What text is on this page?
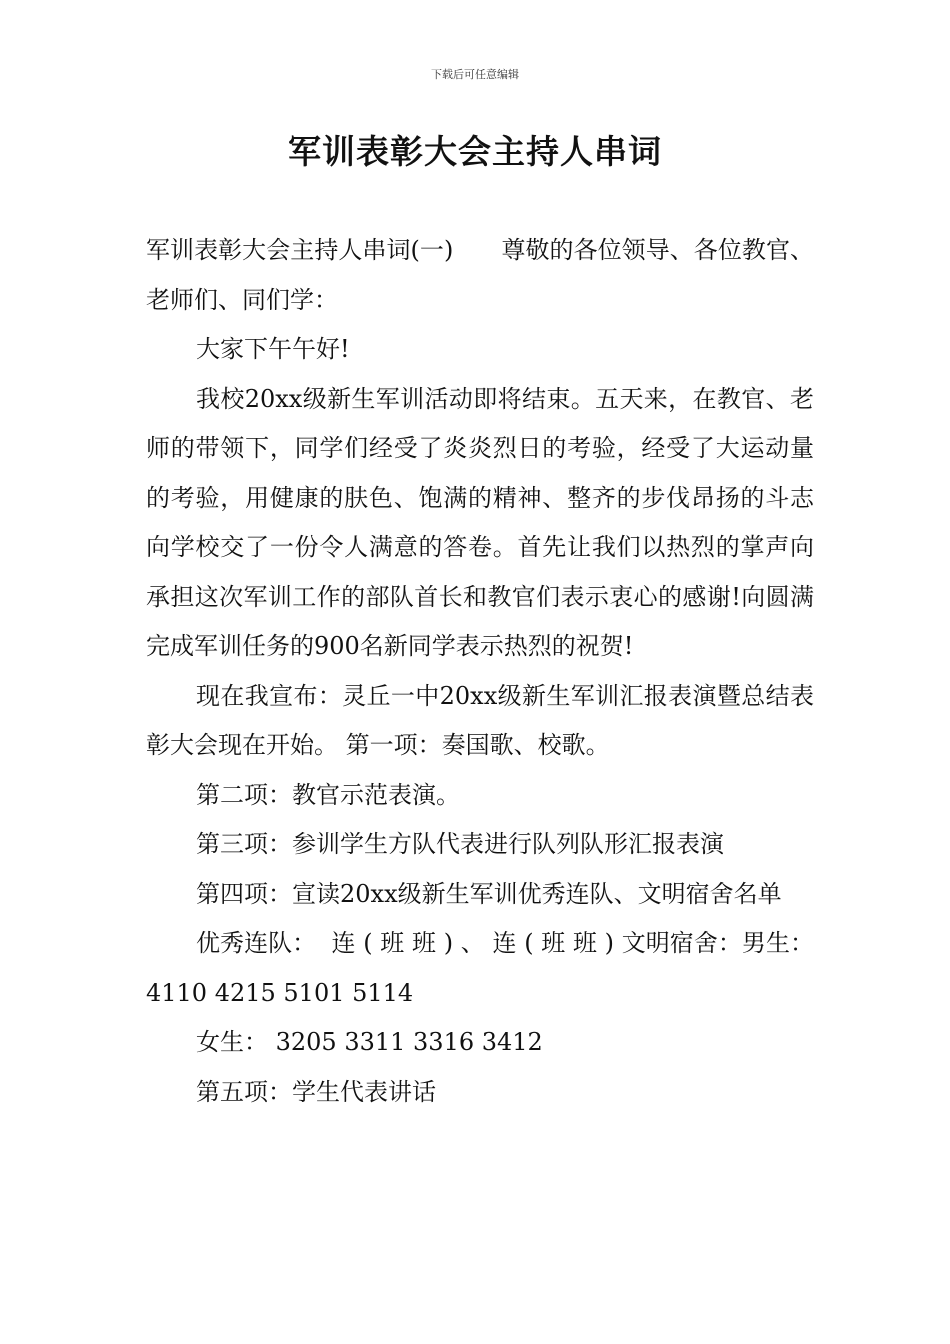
下载后可任意编辑
军训表彰大会主持人串词

军训表彰大会主持人串词(一)　　尊敬的各位领导、各位教官、老师们、同们学：

大家下午午好!

我校20xx级新生军训活动即将结束。五天来，在教官、老师的带领下，同学们经受了炎炎烈日的考验，经受了大运动量的考验，用健康的肤色、饱满的精神、整齐的步伐昂扬的斗志向学校交了一份令人满意的答卷。首先让我们以热烈的掌声向承担这次军训工作的部队首长和教官们表示衷心的感谢!向圆满完成军训任务的900名新同学表示热烈的祝贺!

现在我宣布：灵丘一中20xx级新生军训汇报表演暨总结表彰大会现在开始。 第一项：奏国歌、校歌。

第二项：教官示范表演。

第三项：参训学生方队代表进行队列队形汇报表演

第四项：宣读20xx级新生军训优秀连队、文明宿舍名单

优秀连队：  连 ( 班 班 ) 、 连 ( 班 班 ) 文明宿舍：男生： 4110 4215 5101 5114

女生： 3205 3311 3316 3412

第五项：学生代表讲话
